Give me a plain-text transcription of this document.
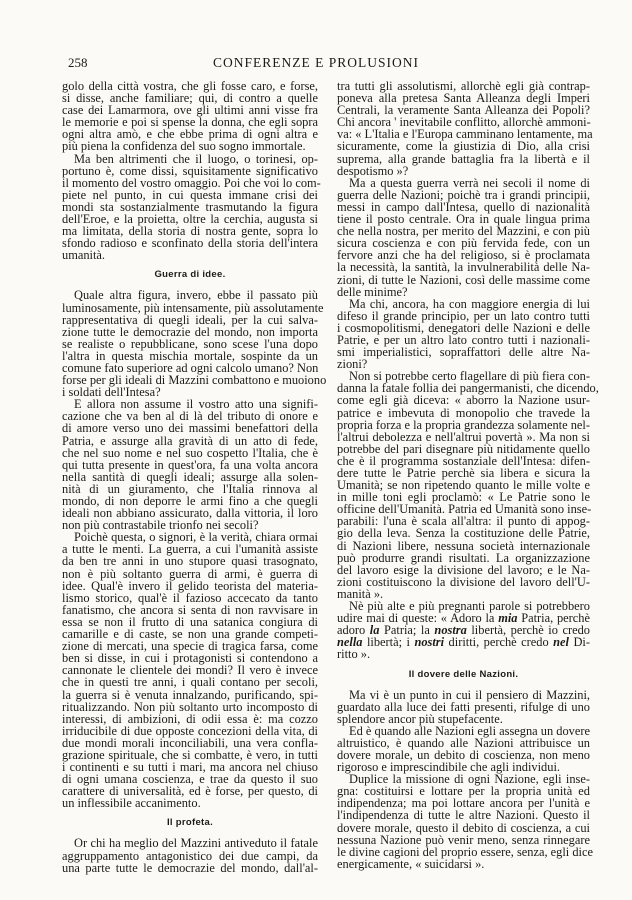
258	CONFERENZE E PROLUSIONI
golo della città vostra, che gli fosse caro, e forse,
si disse, anche familiare; qui, di contro a quelle
case dei Lamarmora, ove gli ultimi anni visse fra
le memorie e poi si spense la donna, che egli sopra
ogni altra amò, e che ebbe prima di ogni altra e
più piena la confidenza del suo sogno immortale.
Ma ben altrimenti che il luogo, o torinesi, op-
portuno è, come dissi, squisitamente significativo
il momento del vostro omaggio. Poi che voi lo com-
piete nel punto, in cui questa immane crisi dei
mondi sta sostanzialmente trasmutando la figura
dell'Eroe, e la proietta, oltre la cerchia, augusta si
ma limitata, della storia di nostra gente, sopra lo
sfondo radioso e sconfinato della storia dell'intera
umanità.
Guerra di idee.
Quale altra figura, invero, ebbe il passato più
luminosamente, più intensamente, più assolutamente
rappresentativa di quegli ideali, per la cui salva-
zione tutte le democrazie del mondo, non importa
se realiste o repubblicane, sono scese l'una dopo
l'altra in questa mischia mortale, sospinte da un
comune fato superiore ad ogni calcolo umano? Non
forse per gli ideali di Mazzini combattono e muoiono
i soldati dell'Intesa?
E allora non assume il vostro atto una signifi-
cazione che va ben al di là del tributo di onore e
di amore verso uno dei massimi benefattori della
Patria, e assurge alla gravità di un atto di fede,
che nel suo nome e nel suo cospetto l'Italia, che è
qui tutta presente in quest'ora, fa una volta ancora
nella santità di quegli ideali; assurge alla solen-
nità di un giuramento, che l'Italia rinnova al
mondo, di non deporre le armi fino a che quegli
ideali non abbiano assicurato, dalla vittoria, il loro
non più contrastabile trionfo nei secoli?
Poichè questa, o signori, è la verità, chiara ormai
a tutte le menti. La guerra, a cui l'umanità assiste
da ben tre anni in uno stupore quasi trasognato,
non è più soltanto guerra di armi, è guerra di
idee. Qual'è invero il gelido teorista del materia-
lismo storico, qual'è il fazioso accecato da tanto
fanatismo, che ancora si senta di non ravvisare in
essa se non il frutto di una satanica congiura di
camarille e di caste, se non una grande competi-
zione di mercati, una specie di tragica farsa, come
ben si disse, in cui i protagonisti si contendono a
cannonate le clientele dei mondi? Il vero è invece
che in questi tre anni, i quali contano per secoli,
la guerra si è venuta innalzando, purificando, spi-
ritualizzando. Non più soltanto urto incomposto di
interessi, di ambizioni, di odii essa è: ma cozzo
irriducibile di due opposte concezioni della vita, di
due mondi morali inconciliabili, una vera confla-
grazione spirituale, che si combatte, è vero, in tutti
i continenti e su tutti i mari, ma ancora nel chiuso
di ogni umana coscienza, e trae da questo il suo
carattere di universalità, ed è forse, per questo, di
un inflessibile accanimento.
Il profeta.
Or chi ha meglio del Mazzini antiveduto il fatale
aggruppamento antagonistico dei due campi, da
una parte tutte le democrazie del mondo, dall'al-
tra tutti gli assolutismi, allorchè egli già contrap-
poneva alla pretesa Santa Alleanza degli Imperi
Centrali, la veramente Santa Alleanza dei Popoli?
Chi ancora ' inevitabile conflitto, allorchè ammoni-
va: « L'Italia e l'Europa camminano lentamente, ma
sicuramente, come la giustizia di Dio, alla crisi
suprema, alla grande battaglia fra la libertà e il
despotismo »?
Ma a questa guerra verrà nei secoli il nome di
guerra delle Nazioni; poichè tra i grandi principii,
messi in campo dall'Intesa, quello di nazionalità
tiene il posto centrale. Ora in quale lingua prima
che nella nostra, per merito del Mazzini, e con più
sicura coscienza e con più fervida fede, con un
fervore anzi che ha del religioso, si è proclamata
la necessità, la santità, la invulnerabilità delle Na-
zioni, di tutte le Nazioni, così delle massime come
delle minime?
Ma chi, ancora, ha con maggiore energia di lui
difeso il grande principio, per un lato contro tutti
i cosmopolitismi, denegatori delle Nazioni e delle
Patrie, e per un altro lato contro tutti i nazionali-
smi imperialistici, sopraffattori delle altre Na-
zioni?
Non si potrebbe certo flagellare di più fiera con-
danna la fatale follia dei pangermanisti, che dicendo,
come egli già diceva: « aborro la Nazione usur-
patrice e imbevuta di monopolio che travede la
propria forza e la propria grandezza solamente nel-
l'altrui debolezza e nell'altrui povertà ». Ma non si
potrebbe del pari disegnare più nitidamente quello
che è il programma sostanziale dell'Intesa: difen-
dere tutte le Patrie perchè sia libera e sicura la
Umanità; se non ripetendo quanto le mille volte e
in mille toni egli proclamò: « Le Patrie sono le
officine dell'Umanità. Patria ed Umanità sono inse-
parabili: l'una è scala all'altra: il punto di appog-
gio della leva. Senza la costituzione delle Patrie,
di Nazioni libere, nessuna società internazionale
può produrre grandi risultati. La organizzazione
del lavoro esige la divisione del lavoro; e le Na-
zioni costituiscono la divisione del lavoro dell'U-
manità ».
Nè più alte e più pregnanti parole si potrebbero
udire mai di queste: « Adoro la mia Patria, perchè
adoro la Patria; la nostra libertà, perchè io credo
nella libertà; i nostri diritti, perchè credo nel Di-
ritto ».
Il dovere delle Nazioni.
Ma vi è un punto in cui il pensiero di Mazzini,
guardato alla luce dei fatti presenti, rifulge di uno
splendore ancor più stupefacente.
Ed è quando alle Nazioni egli assegna un dovere
altruistico, è quando alle Nazioni attribuisce un
dovere morale, un debito di coscienza, non meno
rigoroso e imprescindibile che agli individui.
Duplice la missione di ogni Nazione, egli inse-
gna: costituirsi e lottare per la propria unità ed
indipendenza; ma poi lottare ancora per l'unità e
l'indipendenza di tutte le altre Nazioni. Questo il
dovere morale, questo il debito di coscienza, a cui
nessuna Nazione può venir meno, senza rinnegare
le divine cagioni del proprio essere, senza, egli dice
energicamente, « suicidarsi ».
